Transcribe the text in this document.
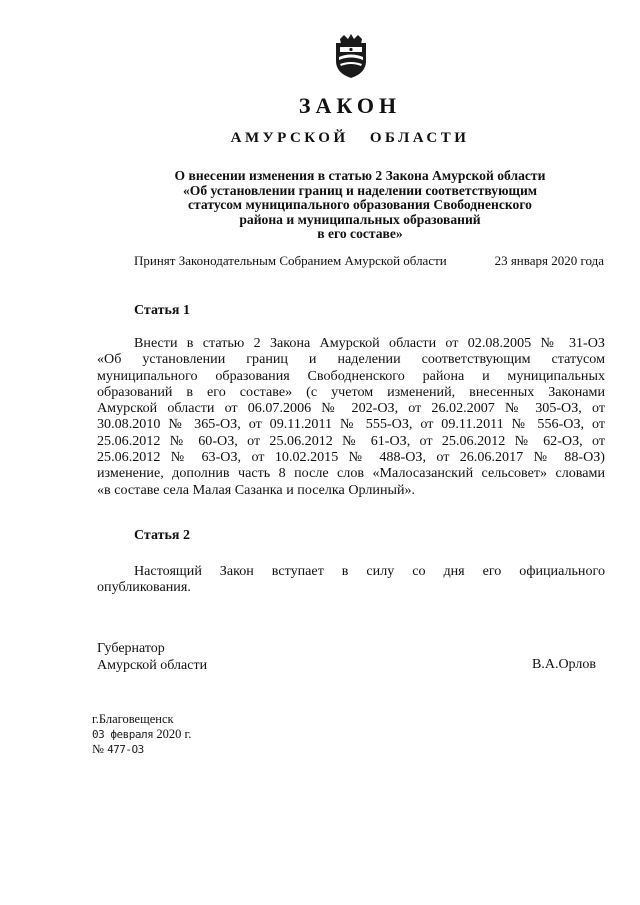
ЗАКОН
АМУРСКОЙ ОБЛАСТИ
О внесении изменения в статью 2 Закона Амурской области
«Об установлении границ и наделении соответствующим
статусом муниципального образования Свободненского
района и муниципальных образований
в его составе»
Принят Законодательным Собранием Амурской области	23 января 2020 года
Статья 1
Внести в статью 2 Закона Амурской области от 02.08.2005 № 31-ОЗ
«Об установлении границ и наделении соответствующим статусом
муниципального образования Свободненского района и муниципальных
образований в его составе» (с учетом изменений, внесенных Законами
Амурской области от 06.07.2006 № 202-ОЗ, от 26.02.2007 № 305-ОЗ, от
30.08.2010 № 365-ОЗ, от 09.11.2011 № 555-ОЗ, от 09.11.2011 № 556-ОЗ, от
25.06.2012 № 60-ОЗ, от 25.06.2012 № 61-ОЗ, от 25.06.2012 № 62-ОЗ, от
25.06.2012 № 63-ОЗ, от 10.02.2015 № 488-ОЗ, от 26.06.2017 № 88-ОЗ)
изменение, дополнив часть 8 после слов «Малосазанский сельсовет» словами
«в составе села Малая Сазанка и поселка Орлиный».
Статья 2
Настоящий Закон вступает в силу со дня его официального
опубликования.
Губернатор
Амурской области	В.А.Орлов
г.Благовещенск
03 февраля 2020 г.
№ 477-ОЗ
